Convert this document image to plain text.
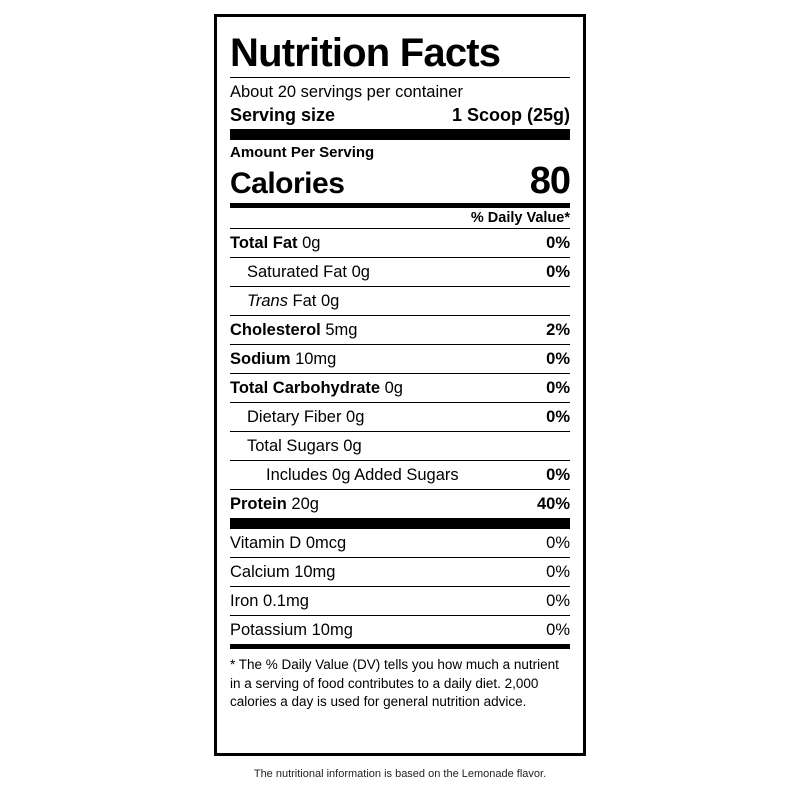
Nutrition Facts
About 20 servings per container
Serving size	1 Scoop (25g)
Amount Per Serving
Calories	80
% Daily Value*
Total Fat 0g	0%
Saturated Fat 0g	0%
Trans Fat 0g
Cholesterol 5mg	2%
Sodium 10mg	0%
Total Carbohydrate 0g	0%
Dietary Fiber 0g	0%
Total Sugars 0g
Includes 0g Added Sugars	0%
Protein 20g	40%
Vitamin D 0mcg	0%
Calcium 10mg	0%
Iron 0.1mg	0%
Potassium 10mg	0%
* The % Daily Value (DV) tells you how much a nutrient in a serving of food contributes to a daily diet. 2,000 calories a day is used for general nutrition advice.
The nutritional information is based on the Lemonade flavor.
